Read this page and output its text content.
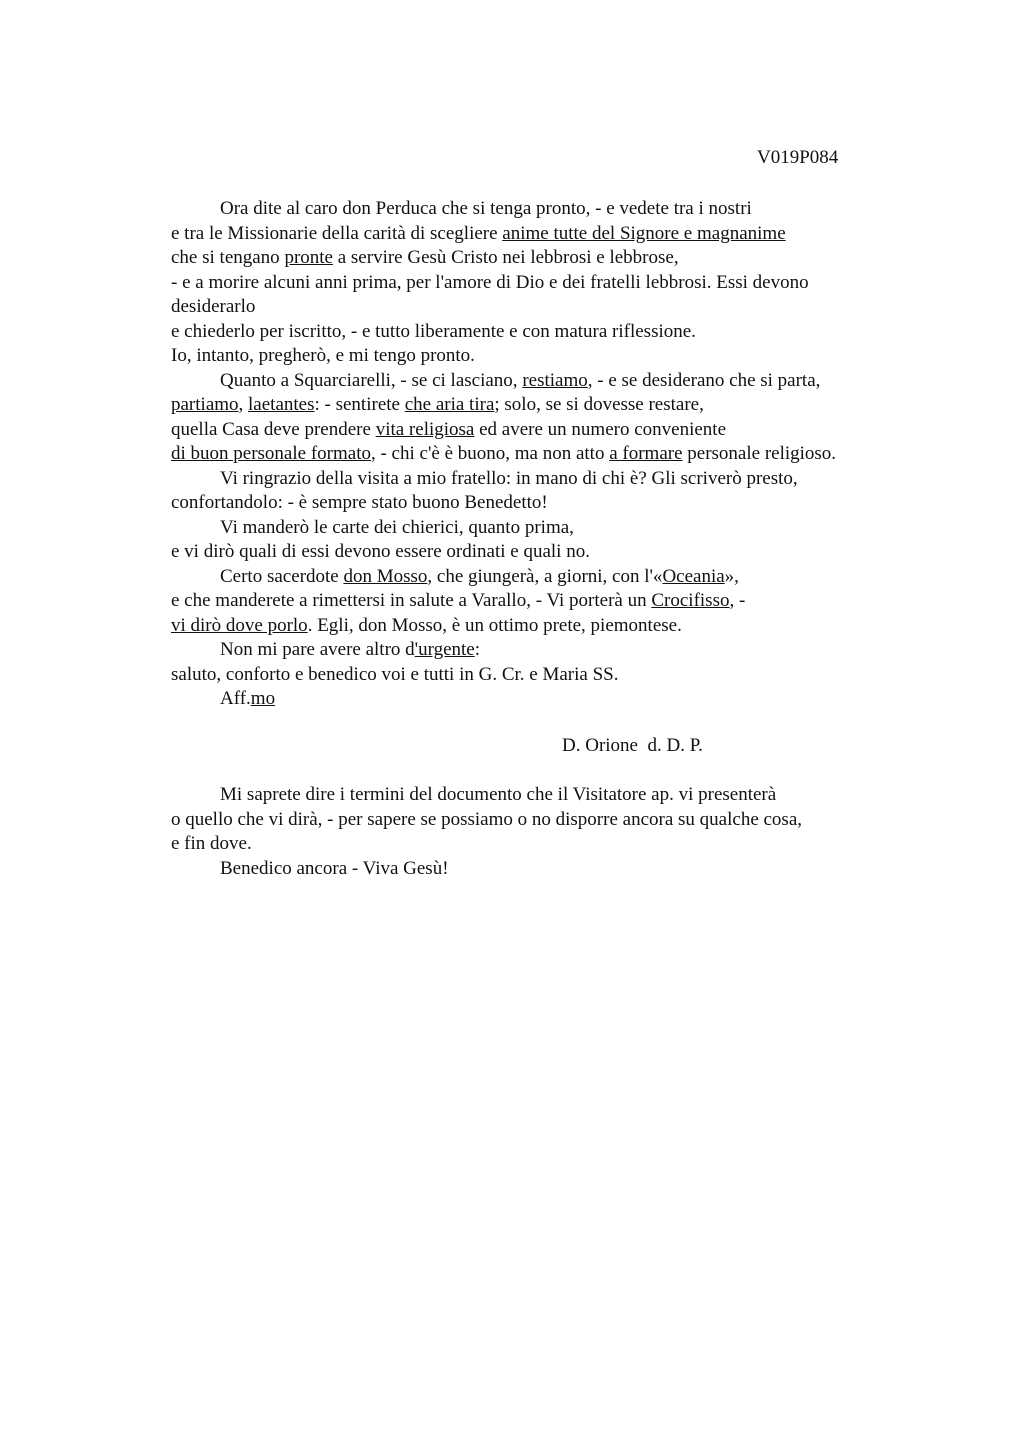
V019P084
Ora dite al caro don Perduca che si tenga pronto, - e vedete tra i nostri
e tra le Missionarie della carità di scegliere anime tutte del Signore e magnanime
che si tengano pronte a servire Gesù Cristo nei lebbrosi e lebbrose,
- e a morire alcuni anni prima, per l'amore di Dio e dei fratelli lebbrosi. Essi devono
desiderarlo
e chiederlo per iscritto, - e tutto liberamente e con matura riflessione.
Io, intanto, pregherò, e mi tengo pronto.
Quanto a Squarciarelli, - se ci lasciano, restiamo, - e se desiderano che si parta,
partiamo, laetantes: - sentirete che aria tira; solo, se si dovesse restare,
quella Casa deve prendere vita religiosa ed avere un numero conveniente
di buon personale formato, - chi c'è è buono, ma non atto a formare personale religioso.
Vi ringrazio della visita a mio fratello: in mano di chi è? Gli scriverò presto,
confortandolo: - è sempre stato buono Benedetto!
Vi manderò le carte dei chierici, quanto prima,
e vi dirò quali di essi devono essere ordinati e quali no.
Certo sacerdote don Mosso, che giungerà, a giorni, con l'«Oceania»,
e che manderete a rimettersi in salute a Varallo, - Vi porterà un Crocifisso, -
vi dirò dove porlo. Egli, don Mosso, è un ottimo prete, piemontese.
Non mi pare avere altro d'urgente:
saluto, conforto e benedico voi e tutti in G. Cr. e Maria SS.
Aff.mo
D. Orione  d. D. P.
Mi saprete dire i termini del documento che il Visitatore ap. vi presenterà
o quello che vi dirà, - per sapere se possiamo o no disporre ancora su qualche cosa,
e fin dove.
Benedico ancora - Viva Gesù!
